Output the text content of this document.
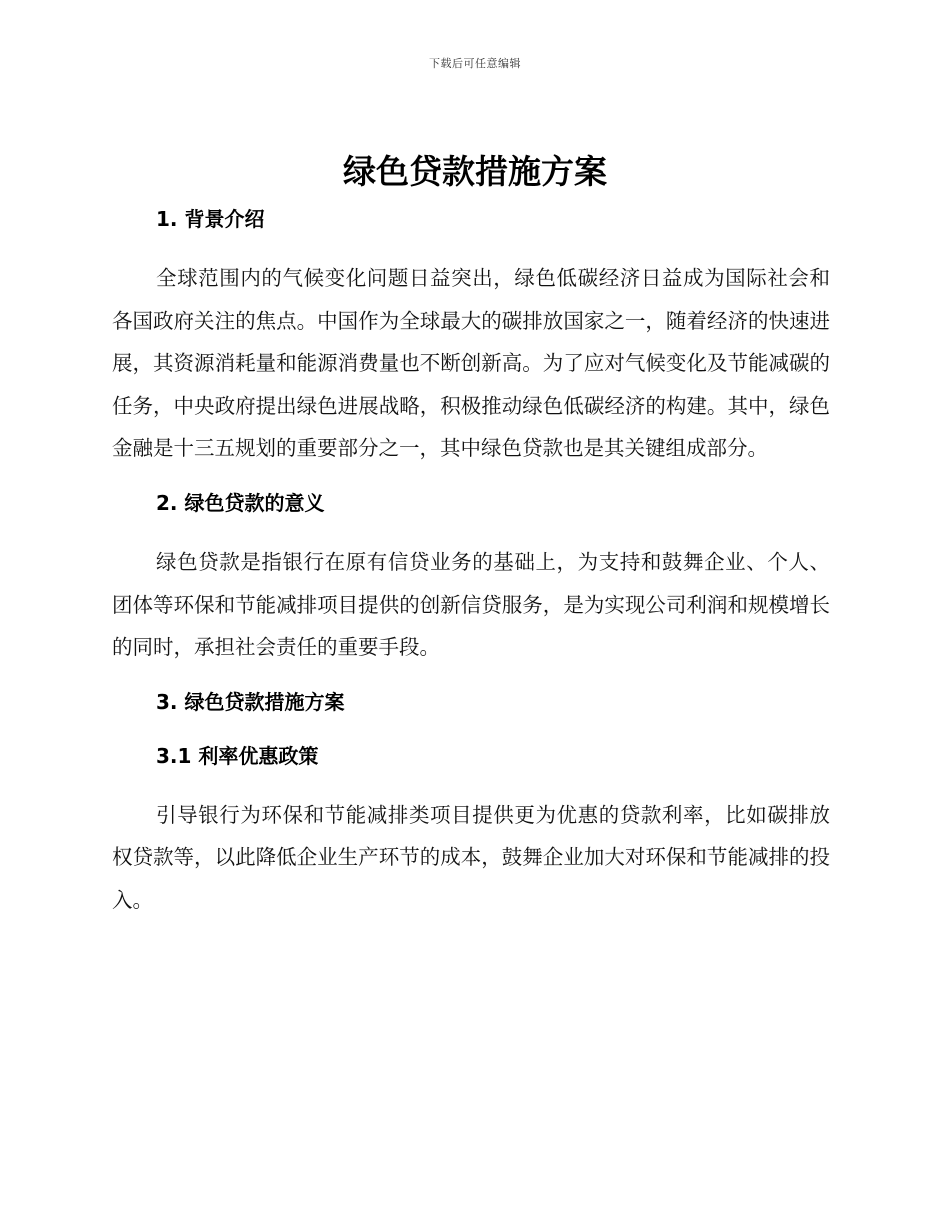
下载后可任意编辑
绿色贷款措施方案
1. 背景介绍

全球范围内的气候变化问题日益突出，绿色低碳经济日益成为国际社会和各国政府关注的焦点。中国作为全球最大的碳排放国家之一，随着经济的快速进展，其资源消耗量和能源消费量也不断创新高。为了应对气候变化及节能减碳的任务，中央政府提出绿色进展战略，积极推动绿色低碳经济的构建。其中，绿色金融是十三五规划的重要部分之一，其中绿色贷款也是其关键组成部分。

2. 绿色贷款的意义

绿色贷款是指银行在原有信贷业务的基础上，为支持和鼓舞企业、个人、团体等环保和节能减排项目提供的创新信贷服务，是为实现公司利润和规模增长的同时，承担社会责任的重要手段。

3. 绿色贷款措施方案
3.1 利率优惠政策

引导银行为环保和节能减排类项目提供更为优惠的贷款利率，比如碳排放权贷款等，以此降低企业生产环节的成本，鼓舞企业加大对环保和节能减排的投入。
